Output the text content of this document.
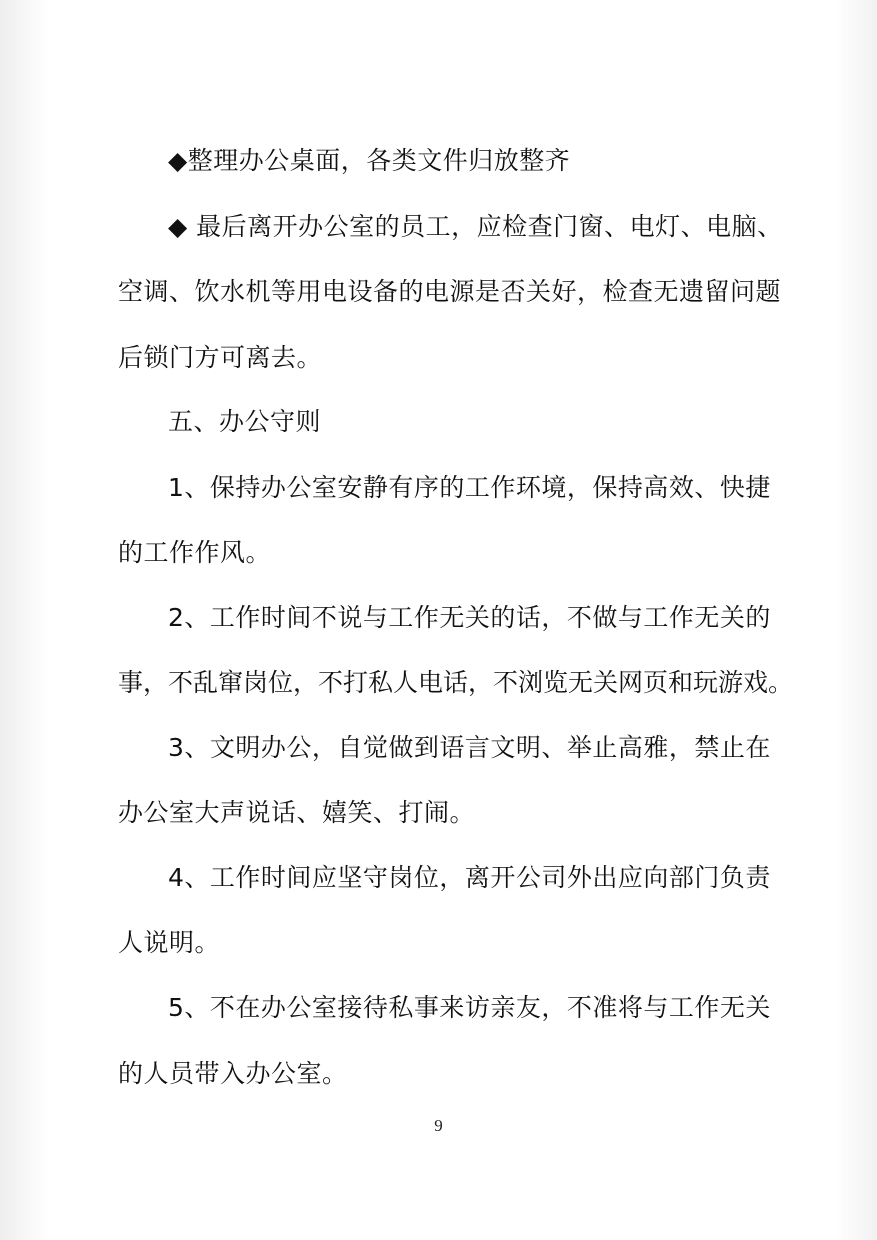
◆整理办公桌面，各类文件归放整齐
◆ 最后离开办公室的员工，应检查门窗、电灯、电脑、
空调、饮水机等用电设备的电源是否关好，检查无遗留问题
后锁门方可离去。
五、办公守则
1、保持办公室安静有序的工作环境，保持高效、快捷
的工作作风。
2、工作时间不说与工作无关的话，不做与工作无关的
事，不乱窜岗位，不打私人电话，不浏览无关网页和玩游戏。
3、文明办公，自觉做到语言文明、举止高雅，禁止在
办公室大声说话、嬉笑、打闹。
4、工作时间应坚守岗位，离开公司外出应向部门负责
人说明。
5、不在办公室接待私事来访亲友，不准将与工作无关
的人员带入办公室。
9
